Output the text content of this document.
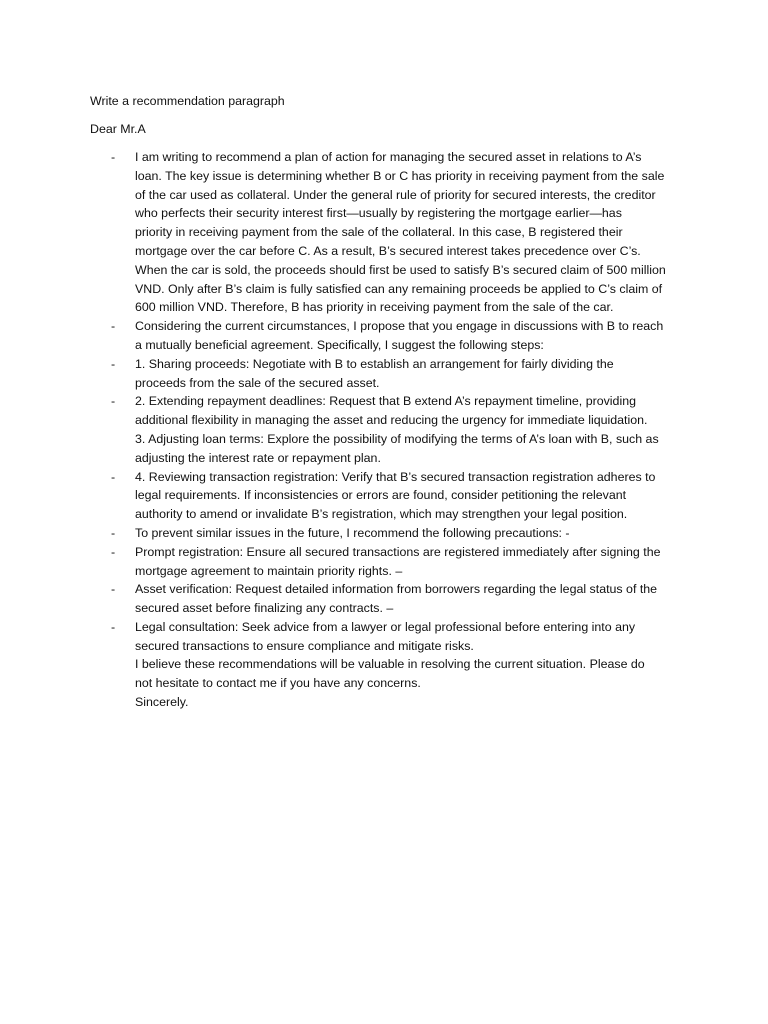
Write a recommendation paragraph

Dear Mr.A

- I am writing to recommend a plan of action for managing the secured asset in relations to A’s
loan. The key issue is determining whether B or C has priority in receiving payment from the sale
of the car used as collateral. Under the general rule of priority for secured interests, the creditor
who perfects their security interest first—usually by registering the mortgage earlier—has
priority in receiving payment from the sale of the collateral. In this case, B registered their
mortgage over the car before C. As a result, B’s secured interest takes precedence over C’s.
When the car is sold, the proceeds should first be used to satisfy B’s secured claim of 500 million
VND. Only after B’s claim is fully satisfied can any remaining proceeds be applied to C’s claim of
600 million VND. Therefore, B has priority in receiving payment from the sale of the car.
- Considering the current circumstances, I propose that you engage in discussions with B to reach
a mutually beneficial agreement. Specifically, I suggest the following steps:
- 1. Sharing proceeds: Negotiate with B to establish an arrangement for fairly dividing the
proceeds from the sale of the secured asset.
- 2. Extending repayment deadlines: Request that B extend A’s repayment timeline, providing
additional flexibility in managing the asset and reducing the urgency for immediate liquidation.
3. Adjusting loan terms: Explore the possibility of modifying the terms of A’s loan with B, such as
adjusting the interest rate or repayment plan.
- 4. Reviewing transaction registration: Verify that B’s secured transaction registration adheres to
legal requirements. If inconsistencies or errors are found, consider petitioning the relevant
authority to amend or invalidate B’s registration, which may strengthen your legal position.
- To prevent similar issues in the future, I recommend the following precautions: -
- Prompt registration: Ensure all secured transactions are registered immediately after signing the
mortgage agreement to maintain priority rights. –
- Asset verification: Request detailed information from borrowers regarding the legal status of the
secured asset before finalizing any contracts. –
- Legal consultation: Seek advice from a lawyer or legal professional before entering into any
secured transactions to ensure compliance and mitigate risks.
I believe these recommendations will be valuable in resolving the current situation. Please do
not hesitate to contact me if you have any concerns.
Sincerely.
